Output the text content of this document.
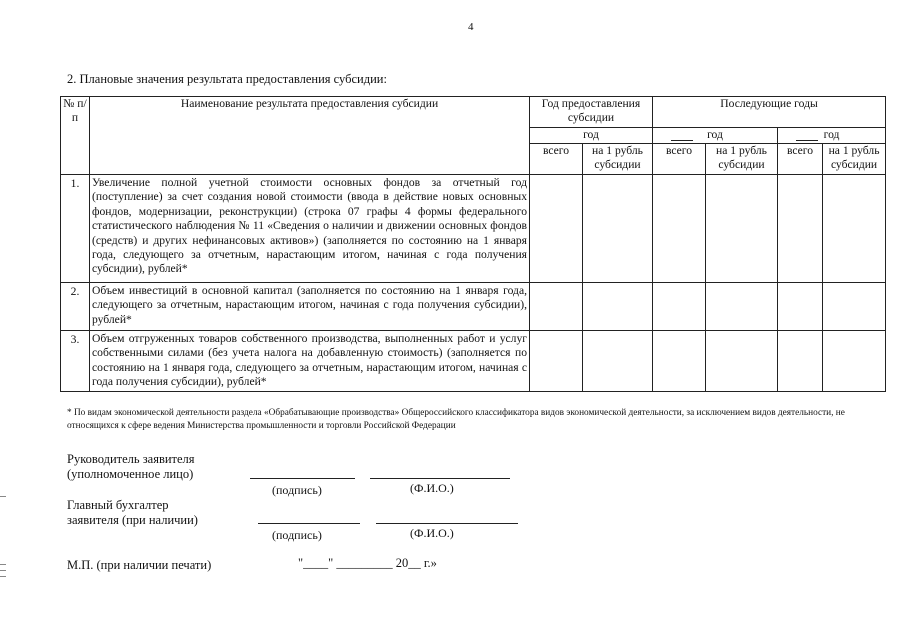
4
2. Плановые значения результата предоставления субсидии:
№ п/п	Наименование результата предоставления субсидии	Год предоставления субсидии		Последующие годы			
		год		год		год	
		всего	на 1 рубль субсидии	всего	на 1 рубль субсидии	всего	на 1 рубль субсидии
1.	Увеличение полной учетной стоимости основных фондов за отчетный год (поступление) за счет создания новой стоимости (ввода в действие новых основных фондов, модернизации, реконструкции) (строка 07 графы 4 формы федерального статистического наблюдения № 11 «Сведения о наличии и движении основных фондов (средств) и других нефинансовых активов») (заполняется по состоянию на 1 января года, следующего за отчетным, нарастающим итогом, начиная с года получения субсидии), рублей*						
2.	Объем инвестиций в основной капитал (заполняется по состоянию на 1 января года, следующего за отчетным, нарастающим итогом, начиная с года получения субсидии), рублей*						
3.	Объем отгруженных товаров собственного производства, выполненных работ и услуг собственными силами (без учета налога на добавленную стоимость) (заполняется по состоянию на 1 января года, следующего за отчетным, нарастающим итогом, начиная с года получения субсидии), рублей*						
* По видам экономической деятельности раздела «Обрабатывающие производства» Общероссийского классификатора видов экономической деятельности, за исключением видов деятельности, не относящихся к сфере ведения Министерства промышленности и торговли Российской Федерации
Руководитель заявителя
(уполномоченное лицо)
(подпись)	(Ф.И.О.)
Главный бухгалтер
заявителя (при наличии)
(подпись)	(Ф.И.О.)
М.П. (при наличии печати)	"____" _________ 20__ г.»
